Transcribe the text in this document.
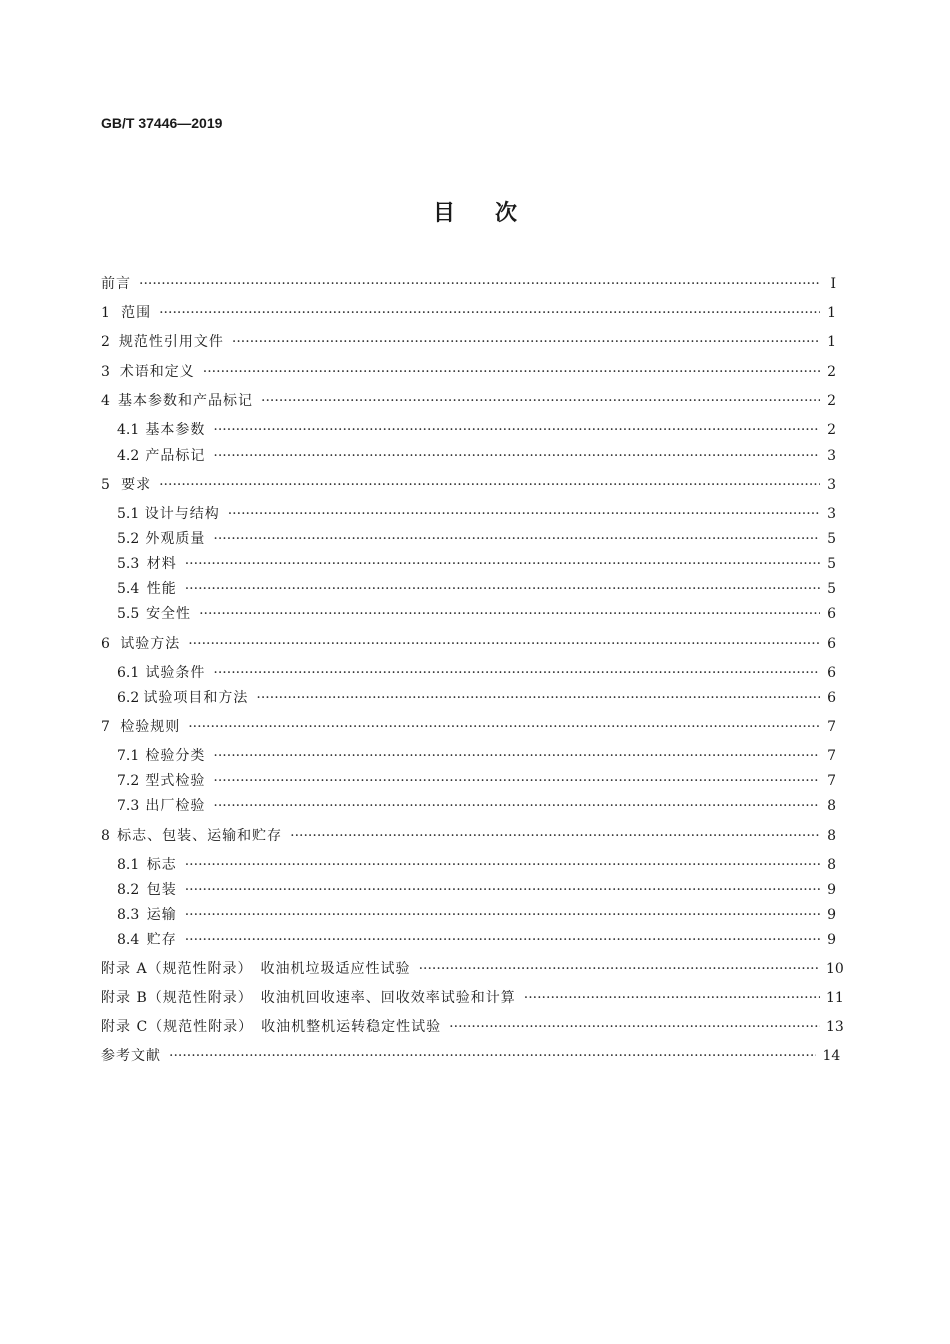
GB/T 37446—2019
目次
前言 ·····	Ⅰ
1 范围 ·····	1
2 规范性引用文件 ·····	1
3 术语和定义 ·····	2
4 基本参数和产品标记 ·····	2
4.1 基本参数 ·····	2
4.2 产品标记 ·····	3
5 要求 ·····	3
5.1 设计与结构 ·····	3
5.2 外观质量 ·····	5
5.3 材料 ·····	5
5.4 性能 ·····	5
5.5 安全性 ·····	6
6 试验方法 ·····	6
6.1 试验条件 ·····	6
6.2 试验项目和方法 ·····	6
7 检验规则 ·····	7
7.1 检验分类 ·····	7
7.2 型式检验 ·····	7
7.3 出厂检验 ·····	8
8 标志、包装、运输和贮存 ·····	8
8.1 标志 ·····	8
8.2 包装 ·····	9
8.3 运输 ·····	9
8.4 贮存 ·····	9
附录 A（规范性附录）　收油机垃圾适应性试验 ·····	10
附录 B（规范性附录）　收油机回收速率、回收效率试验和计算 ·····	11
附录 C（规范性附录）　收油机整机运转稳定性试验 ·····	13
参考文献 ·····	14
